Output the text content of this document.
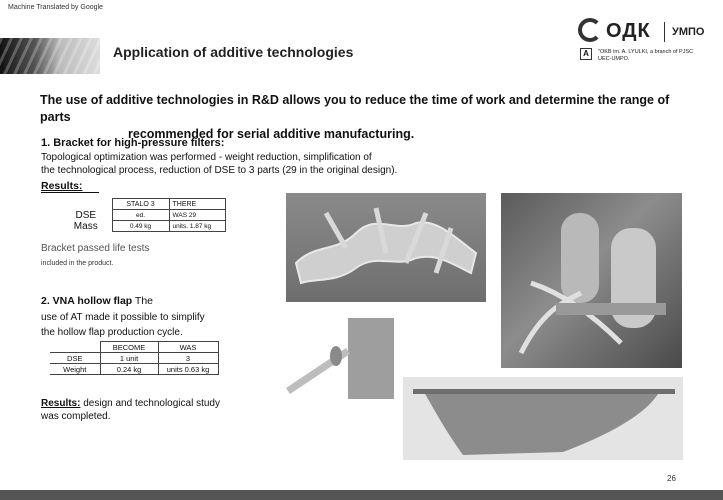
Machine Translated by Google
Application of additive technologies
ОДК УМПО
A	"OKB im. A. LYULKI, a branch of PJSC UEC-UMPO.
The use of additive technologies in R&D allows you to reduce the time of work and determine the range of parts
recommended for serial additive manufacturing.
1. Bracket for high-pressure filters:
Topological optimization was performed - weight reduction, simplification of
the technological process, reduction of DSE to 3 parts (29 in the original design).
Results:
	STALO 3	THERE
DSE	ed.	WAS 29
Mass	0.49 kg	units. 1.87 kg
Bracket passed life tests
included in the product.
2. VNA hollow flap The
use of AT made it possible to simplify
the hollow flap production cycle.
	BECOME	WAS
DSE	1 unit	3
Weight	0.24 kg	units 0.63 kg
Results: design and technological study
was completed.
26
